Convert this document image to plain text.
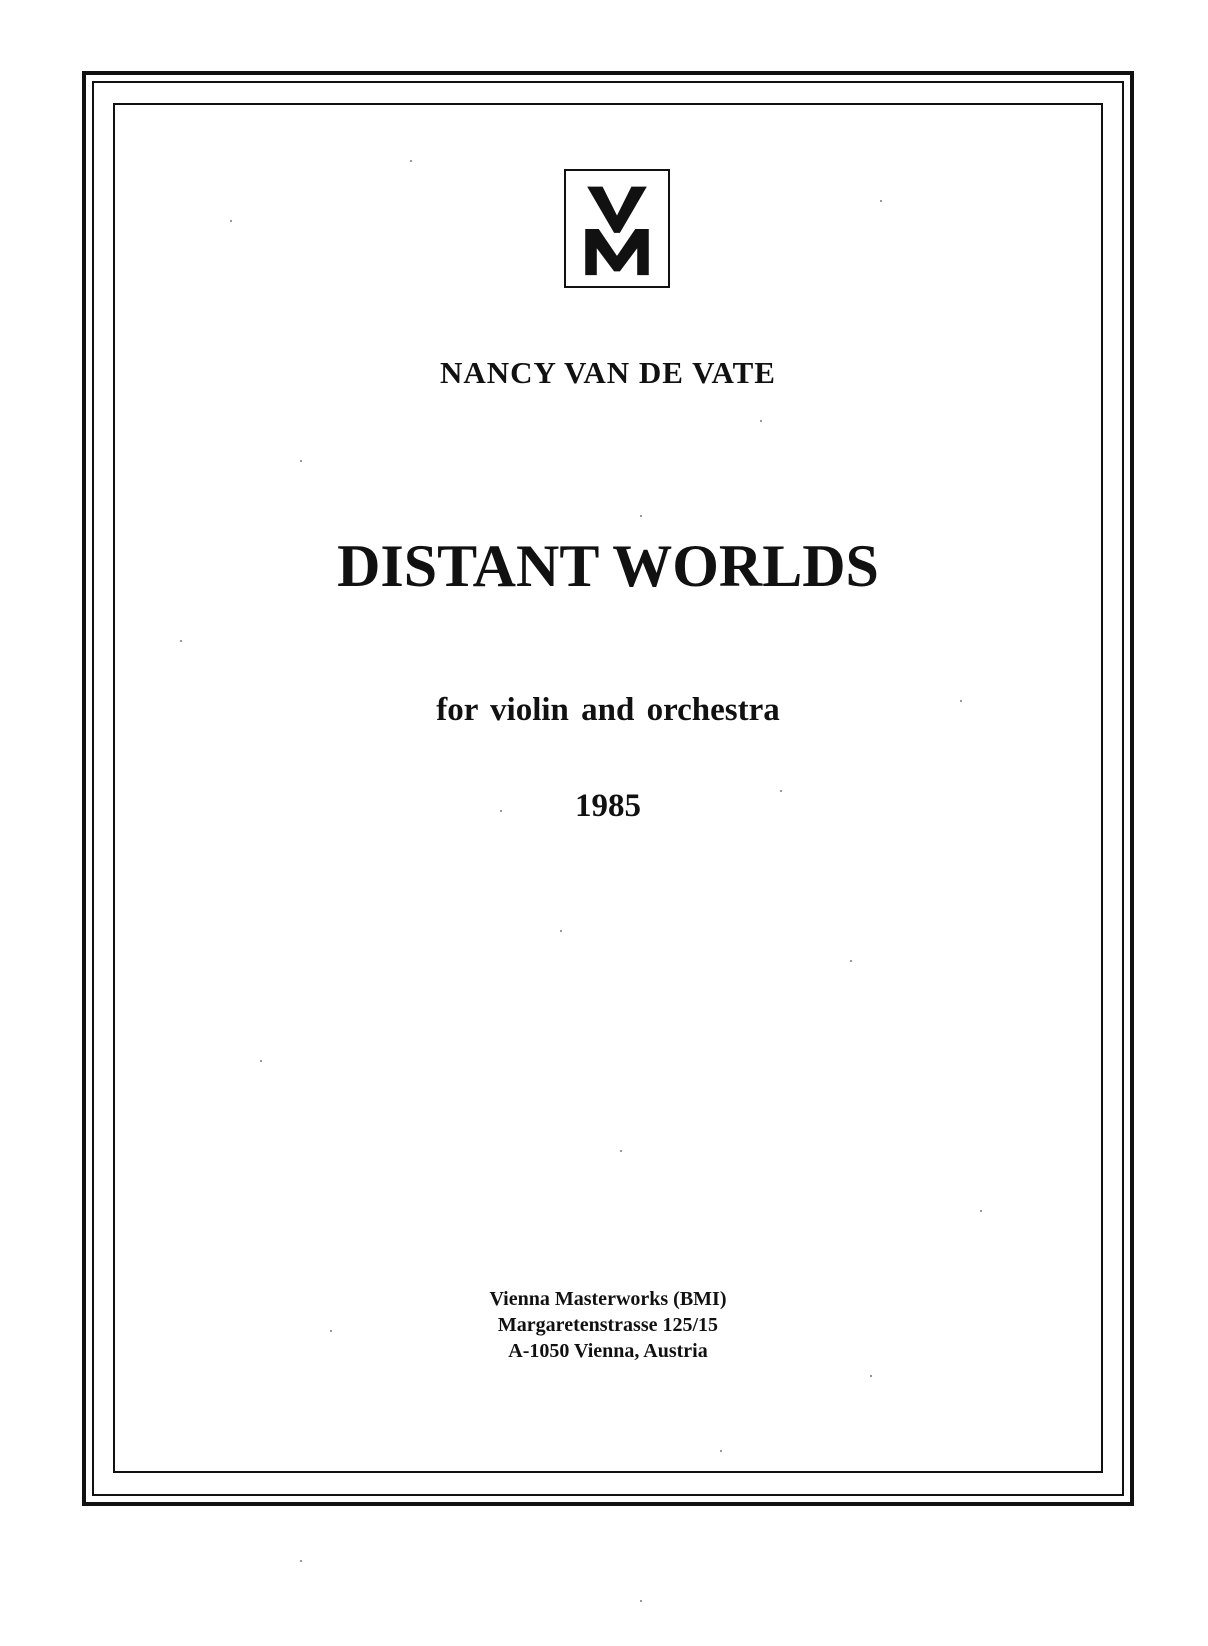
NANCY VAN DE VATE
DISTANT WORLDS
for violin and orchestra
1985
Vienna Masterworks (BMI)
Margaretenstrasse 125/15
A-1050 Vienna, Austria
